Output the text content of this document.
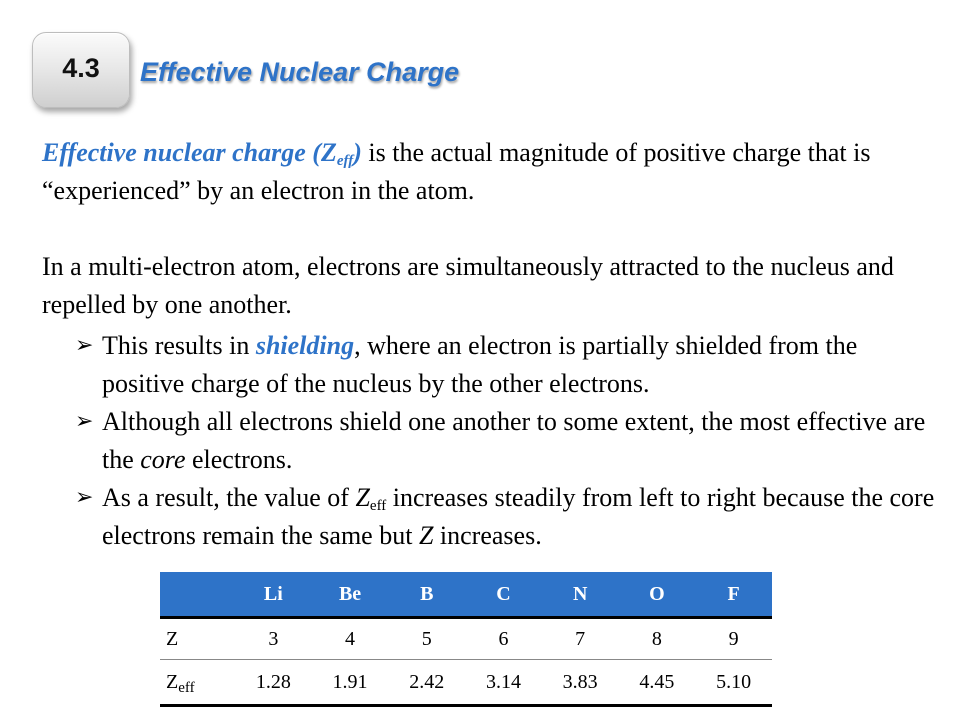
4.3	Effective Nuclear Charge
Effective nuclear charge $(Z_{eff})$ is the actual magnitude of positive charge that is “experienced” by an electron in the atom.
In a multi-electron atom, electrons are simultaneously attracted to the nucleus and repelled by one another.
➢ This results in shielding, where an electron is partially shielded from the positive charge of the nucleus by the other electrons.
➢ Although all electrons shield one another to some extent, the most effective are the core electrons.
➢ As a result, the value of $Z_{eff}$ increases steadily from left to right because the core electrons remain the same but Z increases.
	Li	Be	B	C	N	O	F
Z	3	4	5	6	7	8	9
$Z_{eff}$	1.28	1.91	2.42	3.14	3.83	4.45	5.10
